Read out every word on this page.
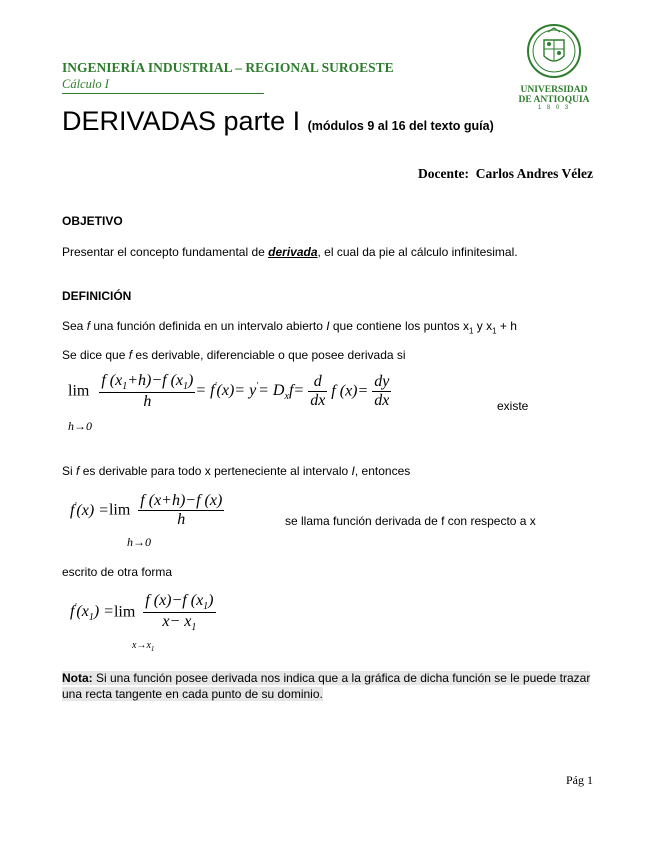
INGENIERÍA INDUSTRIAL – REGIONAL SUROESTE
Cálculo I	UNIVERSIDAD
DE ANTIOQUIA
1 8 0 3
DERIVADAS parte I (módulos 9 al 16 del texto guía)
Docente: Carlos Andres Vélez
OBJETIVO
Presentar el concepto fundamental de derivada, el cual da pie al cálculo infinitesimal.
DEFINICIÓN
Sea f una función definida en un intervalo abierto I que contiene los puntos $x_1$ y $x_1 + h$
Se dice que f es derivable, diferenciable o que posee derivada si
$\lim \frac{f (x_1+h)-f (x_1)}{h} = f'(x)= y'= D_xf= \frac{d}{dx}$ f $(x)= \frac{dy}{dx}$
h→0
existe
Si f es derivable para todo x perteneciente al intervalo I, entonces
$f'(x) =\lim \frac{f (x+h)-f (x)}{h}$
h→0
se llama función derivada de f con respecto a x
escrito de otra forma
$f'(x_1) =\lim \frac{f (x)-f (x_1)}{x- x_1}$
$x\to x_1$
Nota: Si una función posee derivada nos indica que a la gráfica de dicha función se le puede trazar una recta tangente en cada punto de su dominio.
Pág 1
